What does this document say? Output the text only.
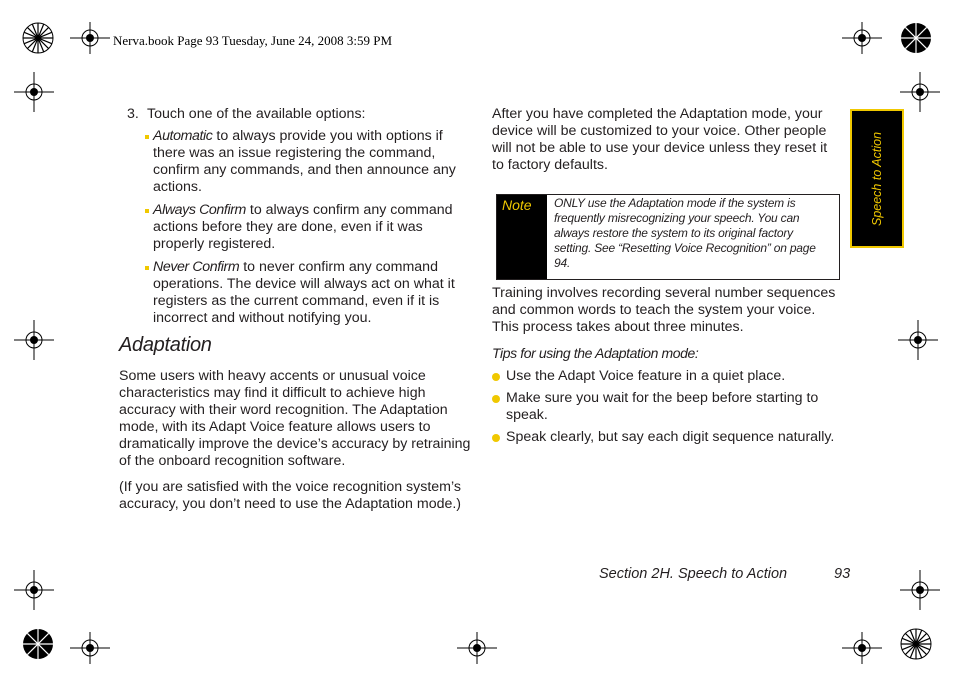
Nerva.book Page 93 Tuesday, June 24, 2008 3:59 PM
Speech to Action
3. Touch one of the available options:
Automatic to always provide you with options if there was an issue registering the command, confirm any commands, and then announce any actions.
Always Confirm to always confirm any command actions before they are done, even if it was properly registered.
Never Confirm to never confirm any command operations. The device will always act on what it registers as the current command, even if it is incorrect and without notifying you.
Adaptation
Some users with heavy accents or unusual voice characteristics may find it difficult to achieve high accuracy with their word recognition. The Adaptation mode, with its Adapt Voice feature allows users to dramatically improve the device’s accuracy by retraining of the onboard recognition software.
(If you are satisfied with the voice recognition system’s accuracy, you don’t need to use the Adaptation mode.)
After you have completed the Adaptation mode, your device will be customized to your voice. Other people will not be able to use your device unless they reset it to factory defaults.
Note ONLY use the Adaptation mode if the system is frequently misrecognizing your speech. You can always restore the system to its original factory setting. See “Resetting Voice Recognition” on page 94.
Training involves recording several number sequences and common words to teach the system your voice. This process takes about three minutes.
Tips for using the Adaptation mode:
Use the Adapt Voice feature in a quiet place.
Make sure you wait for the beep before starting to speak.
Speak clearly, but say each digit sequence naturally.
Section 2H. Speech to Action	93
